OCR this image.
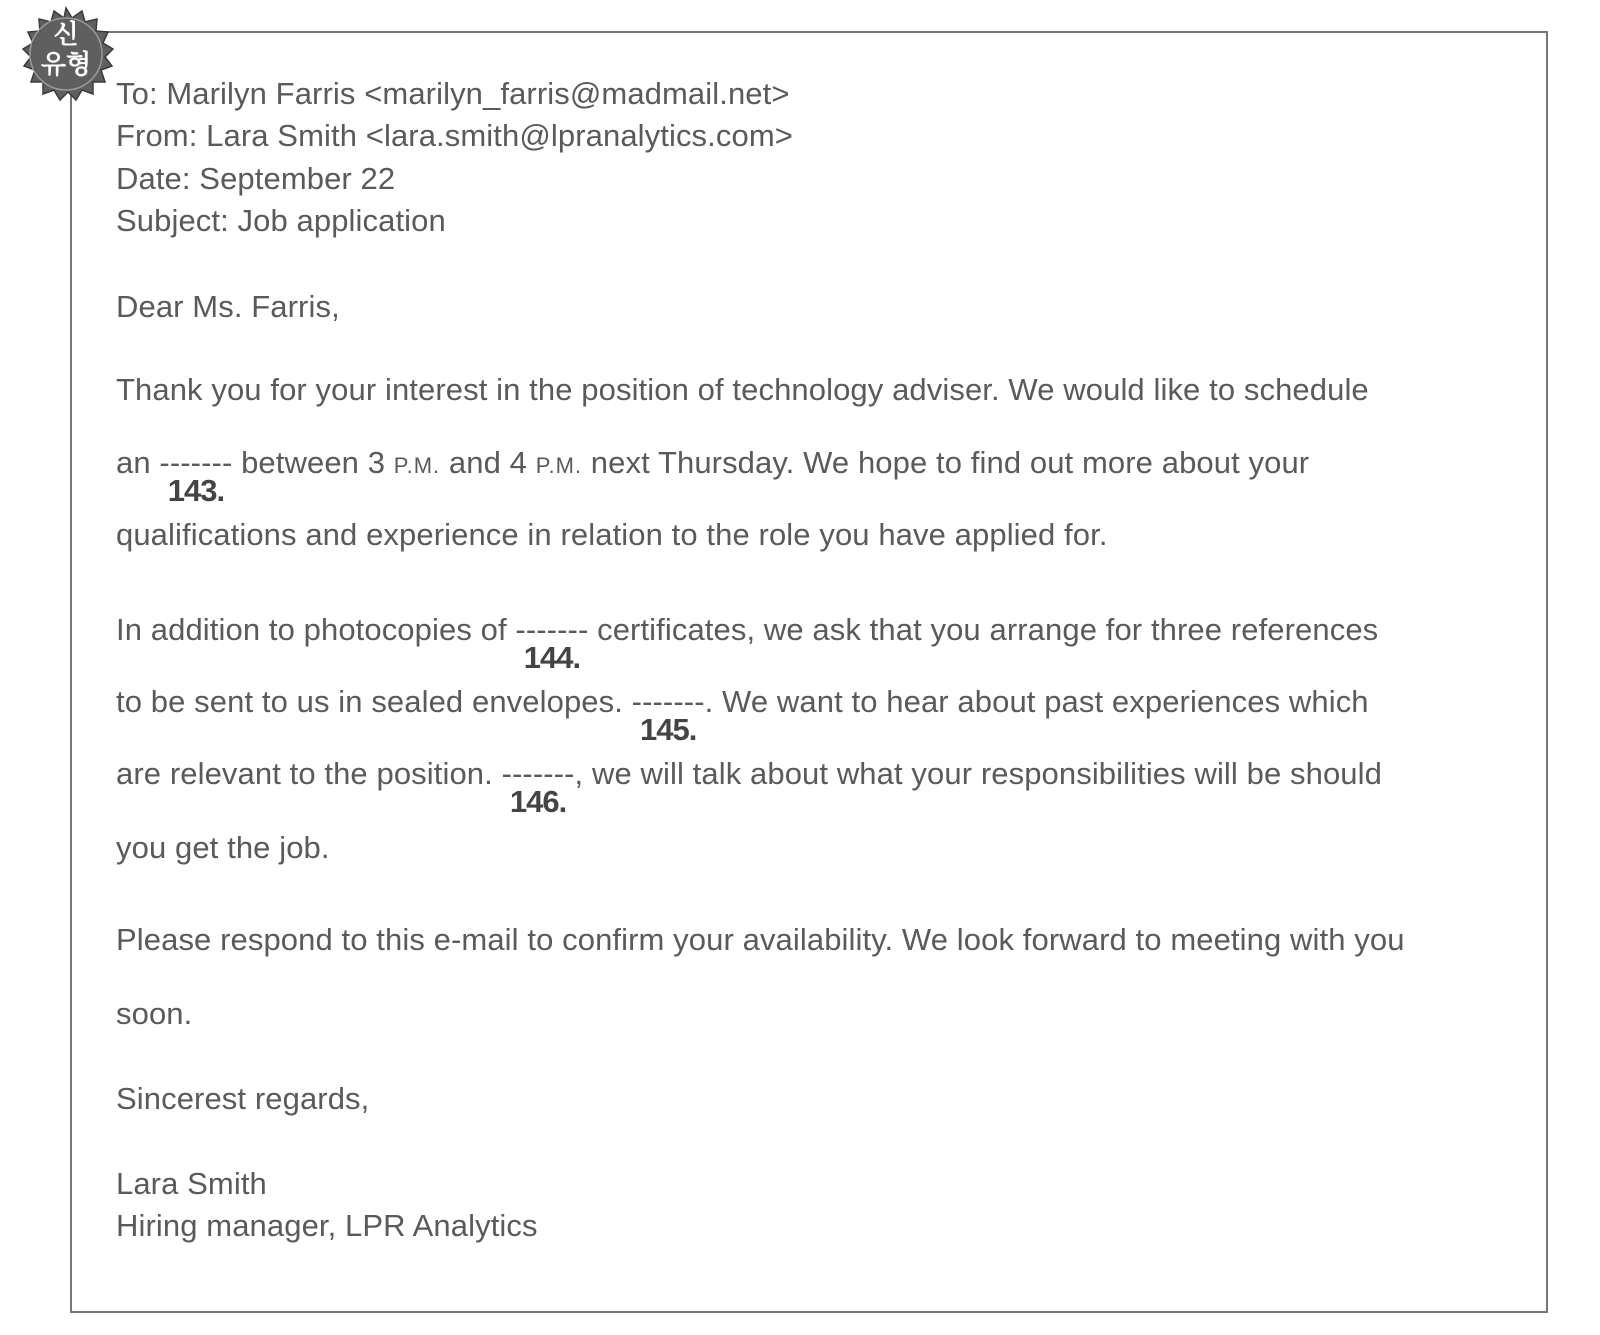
신
유형
To: Marilyn Farris <marilyn_farris@madmail.net>
From: Lara Smith <lara.smith@lpranalytics.com>
Date: September 22
Subject: Job application
Dear Ms. Farris,
Thank you for your interest in the position of technology adviser. We would like to schedule
an -------
143.
between 3 P.M. and 4 P.M. next Thursday. We hope to find out more about your
qualifications and experience in relation to the role you have applied for.
In addition to photocopies of -------
144.
certificates, we ask that you arrange for three references
to be sent to us in sealed envelopes. -------
145.
. We want to hear about past experiences which
are relevant to the position. -------
146.
, we will talk about what your responsibilities will be should
you get the job.
Please respond to this e-mail to confirm your availability. We look forward to meeting with you
soon.
Sincerest regards,
Lara Smith
Hiring manager, LPR Analytics
